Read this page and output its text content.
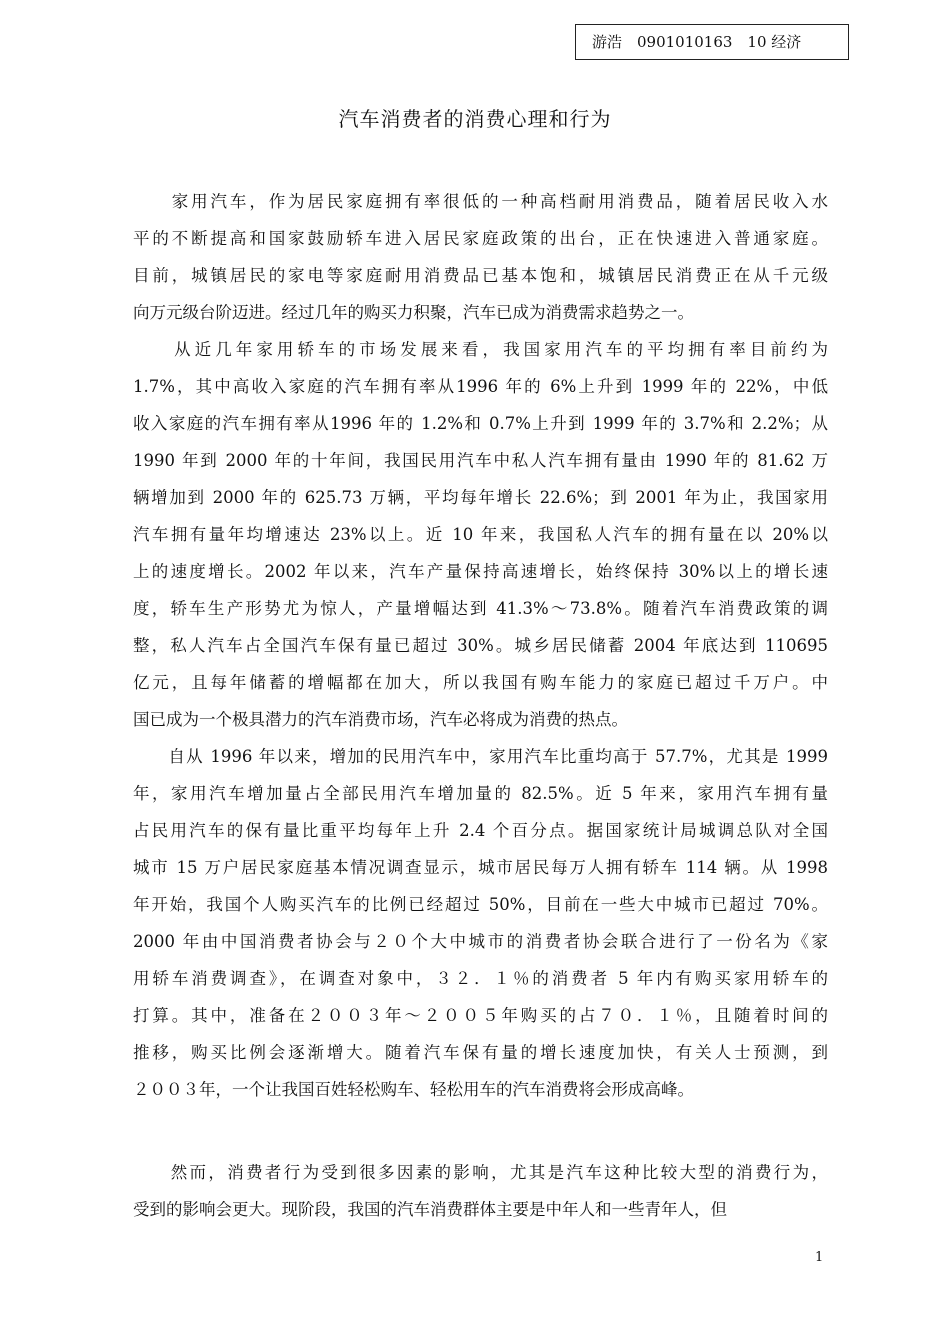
游浩　0901010163　10 经济
汽车消费者的消费心理和行为
　　家用汽车，作为居民家庭拥有率很低的一种高档耐用消费品，随着居民收入水
平的不断提高和国家鼓励轿车进入居民家庭政策的出台，正在快速进入普通家庭。
目前，城镇居民的家电等家庭耐用消费品已基本饱和，城镇居民消费正在从千元级
向万元级台阶迈进。经过几年的购买力积聚，汽车已成为消费需求趋势之一。
　　从近几年家用轿车的市场发展来看，我国家用汽车的平均拥有率目前约为
1.7%，其中高收入家庭的汽车拥有率从1996 年的 6%上升到 1999 年的 22%，中低
收入家庭的汽车拥有率从1996 年的 1.2%和 0.7%上升到 1999 年的 3.7%和 2.2%；从
1990 年到 2000 年的十年间，我国民用汽车中私人汽车拥有量由 1990 年的 81.62 万
辆增加到 2000 年的 625.73 万辆，平均每年增长 22.6%；到 2001 年为止，我国家用
汽车拥有量年均增速达 23%以上。近 10 年来，我国私人汽车的拥有量在以 20%以
上的速度增长。2002 年以来，汽车产量保持高速增长，始终保持 30%以上的增长速
度，轿车生产形势尤为惊人，产量增幅达到 41.3%～73.8%。随着汽车消费政策的调
整，私人汽车占全国汽车保有量已超过 30%。城乡居民储蓄 2004 年底达到 110695
亿元，且每年储蓄的增幅都在加大，所以我国有购车能力的家庭已超过千万户。中
国已成为一个极具潜力的汽车消费市场，汽车必将成为消费的热点。
　　自从 1996 年以来，增加的民用汽车中，家用汽车比重均高于 57.7%，尤其是 1999
年，家用汽车增加量占全部民用汽车增加量的 82.5%。近 5 年来，家用汽车拥有量
占民用汽车的保有量比重平均每年上升 2.4 个百分点。据国家统计局城调总队对全国
城市 15 万户居民家庭基本情况调查显示，城市居民每万人拥有轿车 114 辆。从 1998
年开始，我国个人购买汽车的比例已经超过 50%，目前在一些大中城市已超过 70%。
2000 年由中国消费者协会与２０个大中城市的消费者协会联合进行了一份名为《家
用轿车消费调查》，在调查对象中，３２．１％的消费者 5 年内有购买家用轿车的
打算。其中，准备在２００３年～２００５年购买的占７０．１％，且随着时间的
推移，购买比例会逐渐增大。随着汽车保有量的增长速度加快，有关人士预测，到
２００３年，一个让我国百姓轻松购车、轻松用车的汽车消费将会形成高峰。
　　然而，消费者行为受到很多因素的影响，尤其是汽车这种比较大型的消费行为，
受到的影响会更大。现阶段，我国的汽车消费群体主要是中年人和一些青年人，但
1
